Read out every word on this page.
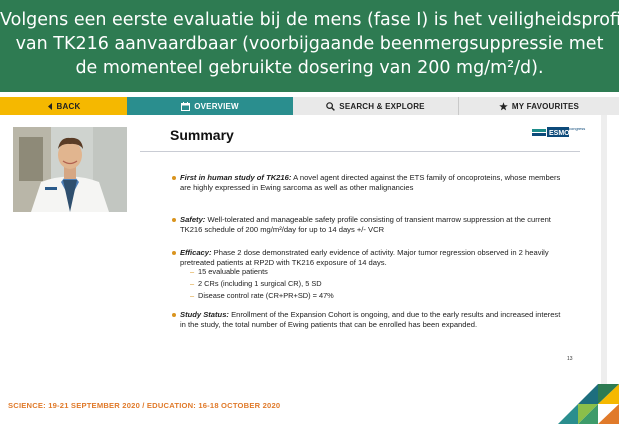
Volgens een eerste evaluatie bij de mens (fase I) is het veiligheidsprofiel
van TK216 aanvaardbaar (voorbijgaande beenmergsuppressie met
de momenteel gebruikte dosering van 200 mg/m²/d).
BACK	OVERVIEW	SEARCH & EXPLORE	MY FAVOURITES
Summary	ESMO
congress
First in human study of TK216: A novel agent directed against the ETS family of oncoproteins, whose members are highly expressed in Ewing sarcoma as well as other malignancies
Safety: Well-tolerated and manageable safety profile consisting of transient marrow suppression at the current TK216 schedule of 200 mg/m²/day for up to 14 days +/- VCR
Efficacy: Phase 2 dose demonstrated early evidence of activity. Major tumor regression observed in 2 heavily pretreated patients at RP2D with TK216 exposure of 14 days.
– 15 evaluable patients
– 2 CRs (including 1 surgical CR), 5 SD
– Disease control rate (CR+PR+SD) = 47%
Study Status: Enrollment of the Expansion Cohort is ongoing, and due to the early results and increased interest in the study, the total number of Ewing patients that can be enrolled has been expanded.
13
SCIENCE: 19-21 SEPTEMBER 2020 / EDUCATION: 16-18 OCTOBER 2020
